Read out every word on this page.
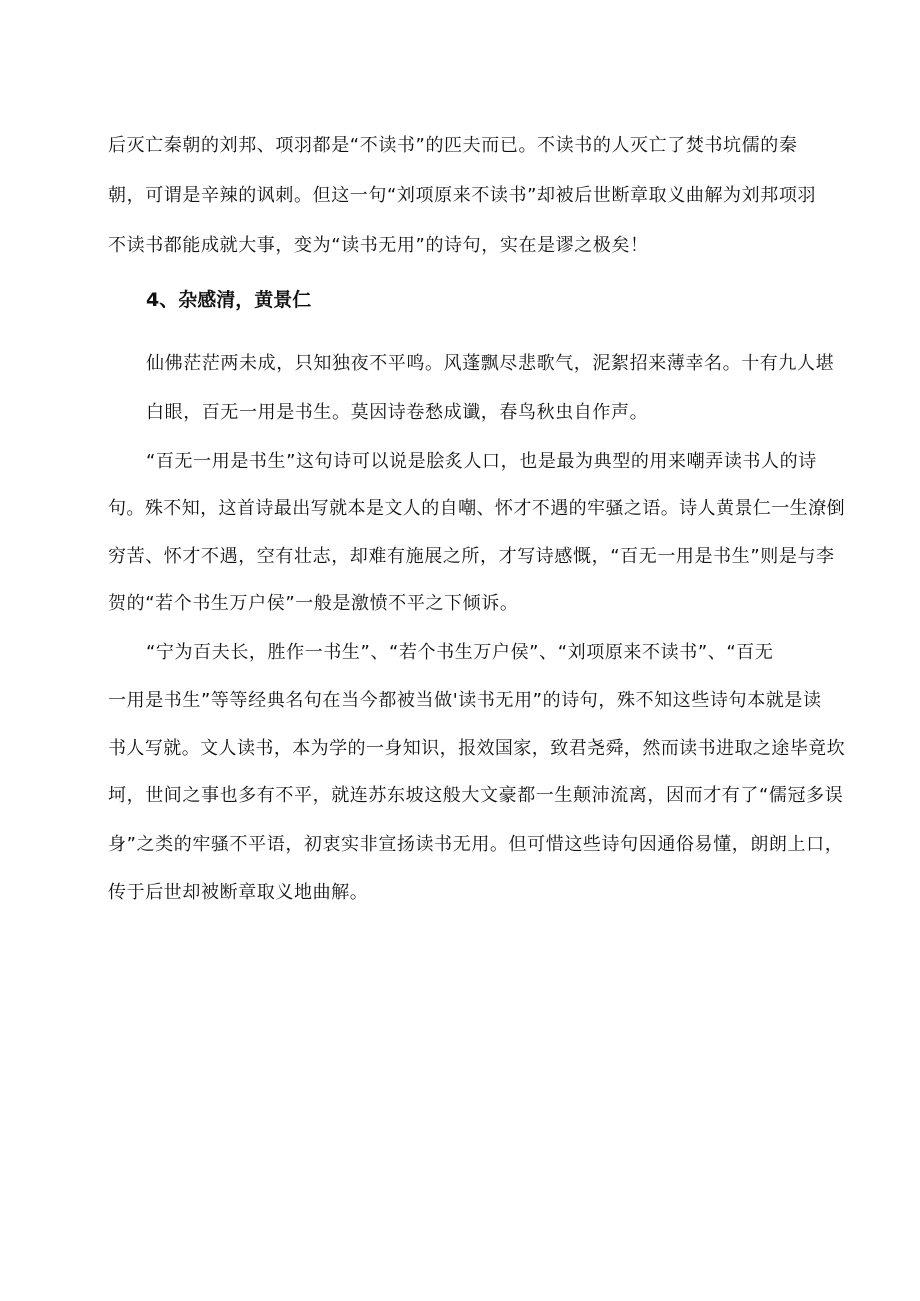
后灭亡秦朝的刘邦、项羽都是“不读书”的匹夫而已。不读书的人灭亡了焚书坑儒的秦
朝，可谓是辛辣的讽刺。但这一句“刘项原来不读书”却被后世断章取义曲解为刘邦项羽
不读书都能成就大事，变为“读书无用”的诗句，实在是谬之极矣！
4、杂感清，黄景仁
仙佛茫茫两未成，只知独夜不平鸣。风蓬飘尽悲歌气，泥絮招来薄幸名。十有九人堪
白眼，百无一用是书生。莫因诗卷愁成谶，春鸟秋虫自作声。
“百无一用是书生”这句诗可以说是脍炙人口，也是最为典型的用来嘲弄读书人的诗
句。殊不知，这首诗最出写就本是文人的自嘲、怀才不遇的牢骚之语。诗人黄景仁一生潦倒
穷苦、怀才不遇，空有壮志，却难有施展之所，才写诗感慨，“百无一用是书生”则是与李
贺的“若个书生万户侯”一般是激愤不平之下倾诉。
“宁为百夫长，胜作一书生”、“若个书生万户侯”、“刘项原来不读书”、“百无
一用是书生”等等经典名句在当今都被当做'读书无用”的诗句，殊不知这些诗句本就是读
书人写就。文人读书，本为学的一身知识，报效国家，致君尧舜，然而读书进取之途毕竟坎
坷，世间之事也多有不平，就连苏东坡这般大文豪都一生颠沛流离，因而才有了“儒冠多误
身”之类的牢骚不平语，初衷实非宣扬读书无用。但可惜这些诗句因通俗易懂，朗朗上口，
传于后世却被断章取义地曲解。
